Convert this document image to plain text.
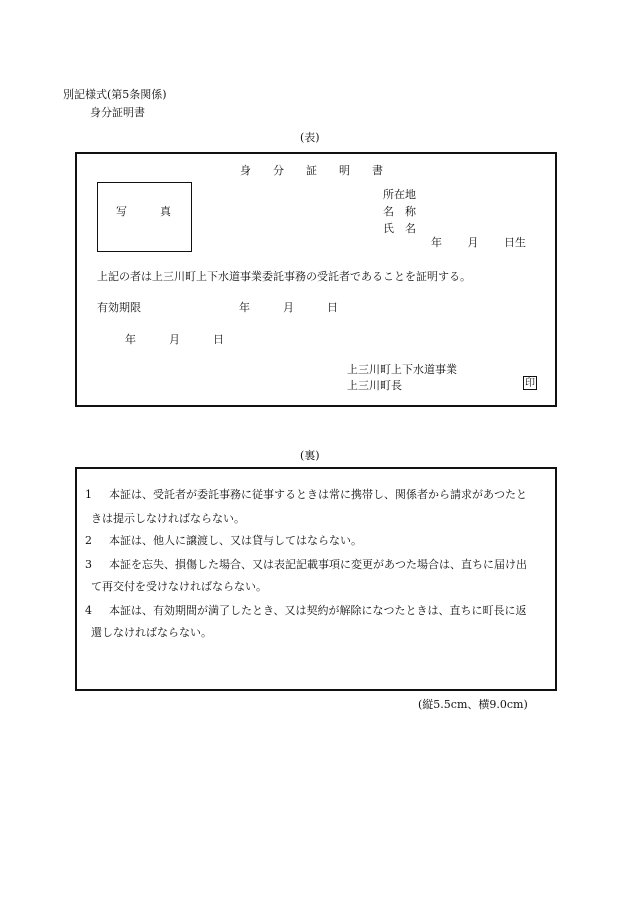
別記様式(第5条関係)
身分証明書
(表)
身　　分　　証　　明　　書
写　　　真
所在地
名　称
氏　名
年　　 月　　 日生
上記の者は上三川町上下水道事業委託事務の受託者であることを証明する。
有効期限	年　　　月　　　日
年　　　月　　　日
上三川町上下水道事業
上三川町長	印
(裏)
1 本証は、受託者が委託事務に従事するときは常に携帯し、関係者から請求があつたと
きは提示しなければならない。
2 本証は、他人に譲渡し、又は貸与してはならない。
3 本証を忘失、損傷した場合、又は表記記載事項に変更があつた場合は、直ちに届け出
て再交付を受けなければならない。
4 本証は、有効期間が満了したとき、又は契約が解除になつたときは、直ちに町長に返
還しなければならない。
(縦5.5cm、横9.0cm)
